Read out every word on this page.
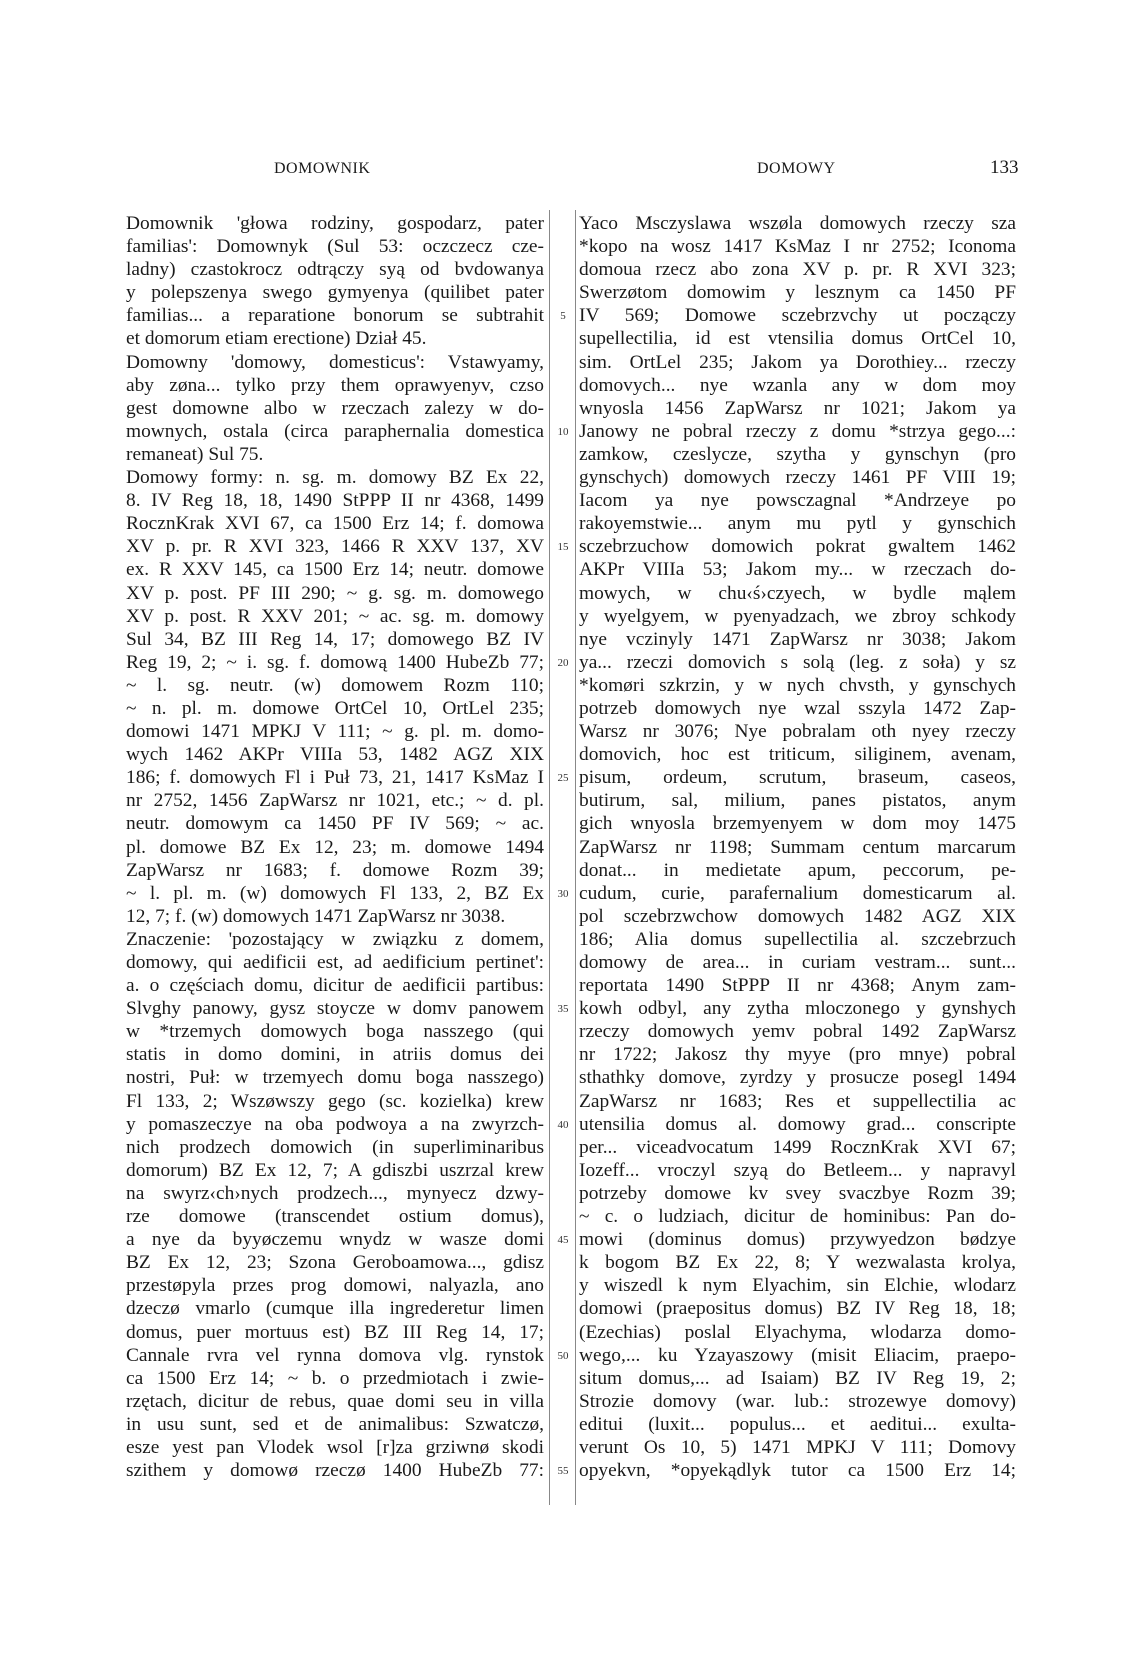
DOMOWNIK	DOMOWY	133
Domownik 'głowa rodziny, gospodarz, pater
familias': Domownyk (Sul 53: oczczecz cze-
ladny) czastokrocz odtrączy syą od bvdowanya
y polepszenya swego gymyenya (quilibet pater
familias... a reparatione bonorum se subtrahit
et domorum etiam erectione) Dział 45.
Domowny 'domowy, domesticus': Vstawyamy,
aby zøna... tylko przy them oprawyenyv, czso
gest domowne albo w rzeczach zalezy w do-
mownych, ostala (circa paraphernalia domestica
remaneat) Sul 75.
Domowy formy: n. sg. m. domowy BZ Ex 22,
8. IV Reg 18, 18, 1490 StPPP II nr 4368, 1499
RocznKrak XVI 67, ca 1500 Erz 14; f. domowa
XV p. pr. R XVI 323, 1466 R XXV 137, XV
ex. R XXV 145, ca 1500 Erz 14; neutr. domowe
XV p. post. PF III 290; ~ g. sg. m. domowego
XV p. post. R XXV 201; ~ ac. sg. m. domowy
Sul 34, BZ III Reg 14, 17; domowego BZ IV
Reg 19, 2; ~ i. sg. f. domową 1400 HubeZb 77;
~ l. sg. neutr. (w) domowem Rozm 110;
~ n. pl. m. domowe OrtCel 10, OrtLel 235;
domowi 1471 MPKJ V 111; ~ g. pl. m. domo-
wych 1462 AKPr VIIIa 53, 1482 AGZ XIX
186; f. domowych Fl i Puł 73, 21, 1417 KsMaz I
nr 2752, 1456 ZapWarsz nr 1021, etc.; ~ d. pl.
neutr. domowym ca 1450 PF IV 569; ~ ac.
pl. domowe BZ Ex 12, 23; m. domowe 1494
ZapWarsz nr 1683; f. domowe Rozm 39;
~ l. pl. m. (w) domowych Fl 133, 2, BZ Ex
12, 7; f. (w) domowych 1471 ZapWarsz nr 3038.
Znaczenie: 'pozostający w związku z domem,
domowy, qui aedificii est, ad aedificium pertinet':
a. o częściach domu, dicitur de aedificii partibus:
Slvghy panowy, gysz stoycze w domv panowem
w *trzemych domowych boga nasszego (qui
statis in domo domini, in atriis domus dei
nostri, Puł: w trzemyech domu boga nasszego)
Fl 133, 2; Wszøwszy gego (sc. kozielka) krew
y pomaszeczye na oba podwoya a na zwyrzch-
nich prodzech domowich (in superliminaribus
domorum) BZ Ex 12, 7; A gdiszbi uszrzal krew
na swyrz‹ch›nych prodzech..., mynyecz dzwy-
rze domowe (transcendet ostium domus),
a nye da byyøczemu wnydz w wasze domi
BZ Ex 12, 23; Szona Geroboamowa..., gdisz
przestøpyla przes prog domowi, nalyazla, ano
dzeczø vmarlo (cumque illa ingrederetur limen
domus, puer mortuus est) BZ III Reg 14, 17;
Cannale rvra vel rynna domova vlg. rynstok
ca 1500 Erz 14; ~ b. o przedmiotach i zwie-
rzętach, dicitur de rebus, quae domi seu in villa
in usu sunt, sed et de animalibus: Szwatczø,
esze yest pan Vlodek wsol [r]za grziwnø skodi
szithem y domowø rzeczø 1400 HubeZb 77:
5
10
15
20
25
30
35
40
45
50
55
Yaco Msczyslawa wszøla domowych rzeczy sza
*kopo na wosz 1417 KsMaz I nr 2752; Iconoma
domoua rzecz abo zona XV p. pr. R XVI 323;
Swerzøtom domowim y lesznym ca 1450 PF
IV 569; Domowe sczebrzvchy ut począczy
supellectilia, id est vtensilia domus OrtCel 10,
sim. OrtLel 235; Jakom ya Dorothiey... rzeczy
domovych... nye wzanla any w dom moy
wnyosla 1456 ZapWarsz nr 1021; Jakom ya
Janowy ne pobral rzeczy z domu *strzya gego...:
zamkow, czeslycze, szytha y gynschyn (pro
gynschych) domowych rzeczy 1461 PF VIII 19;
Iacom ya nye powsczagnal *Andrzeye po
rakoyemstwie... anym mu pytl y gynschich
sczebrzuchow domowich pokrat gwaltem 1462
AKPr VIIIa 53; Jakom my... w rzeczach do-
mowych, w chu‹ś›czyech, w bydle mąlem
y wyelgyem, w pyenyadzach, we zbroy schkody
nye vczinyly 1471 ZapWarsz nr 3038; Jakom
ya... rzeczi domovich s solą (leg. z soła) y sz
*komøri szkrzin, y w nych chvsth, y gynschych
potrzeb domowych nye wzal sszyla 1472 Zap-
Warsz nr 3076; Nye pobralam oth nyey rzeczy
domovich, hoc est triticum, siliginem, avenam,
pisum, ordeum, scrutum, braseum, caseos,
butirum, sal, milium, panes pistatos, anym
gich wnyosla brzemyenyem w dom moy 1475
ZapWarsz nr 1198; Summam centum marcarum
donat... in medietate apum, peccorum, pe-
cudum, curie, parafernalium domesticarum al.
pol sczebrzwchow domowych 1482 AGZ XIX
186; Alia domus supellectilia al. szczebrzuch
domowy de area... in curiam vestram... sunt...
reportata 1490 StPPP II nr 4368; Anym zam-
kowh odbyl, any zytha mloczonego y gynshych
rzeczy domowych yemv pobral 1492 ZapWarsz
nr 1722; Jakosz thy myye (pro mnye) pobral
sthathky domove, zyrdzy y prosucze posegl 1494
ZapWarsz nr 1683; Res et suppellectilia ac
utensilia domus al. domowy grad... conscripte
per... viceadvocatum 1499 RocznKrak XVI 67;
Iozeff... vroczyl szyą do Betleem... y napravyl
potrzeby domowe kv svey svaczbye Rozm 39;
~ c. o ludziach, dicitur de hominibus: Pan do-
mowi (dominus domus) przywyedzon bødzye
k bogom BZ Ex 22, 8; Y wezwalasta krolya,
y wiszedl k nym Elyachim, sin Elchie, wlodarz
domowi (praepositus domus) BZ IV Reg 18, 18;
(Ezechias) poslal Elyachyma, wlodarza domo-
wego,... ku Yzayaszowy (misit Eliacim, praepo-
situm domus,... ad Isaiam) BZ IV Reg 19, 2;
Strozie domovy (war. lub.: strozewye domovy)
editui (luxit... populus... et aeditui... exulta-
verunt Os 10, 5) 1471 MPKJ V 111; Domovy
opyekvn, *opyekądlyk tutor ca 1500 Erz 14;
